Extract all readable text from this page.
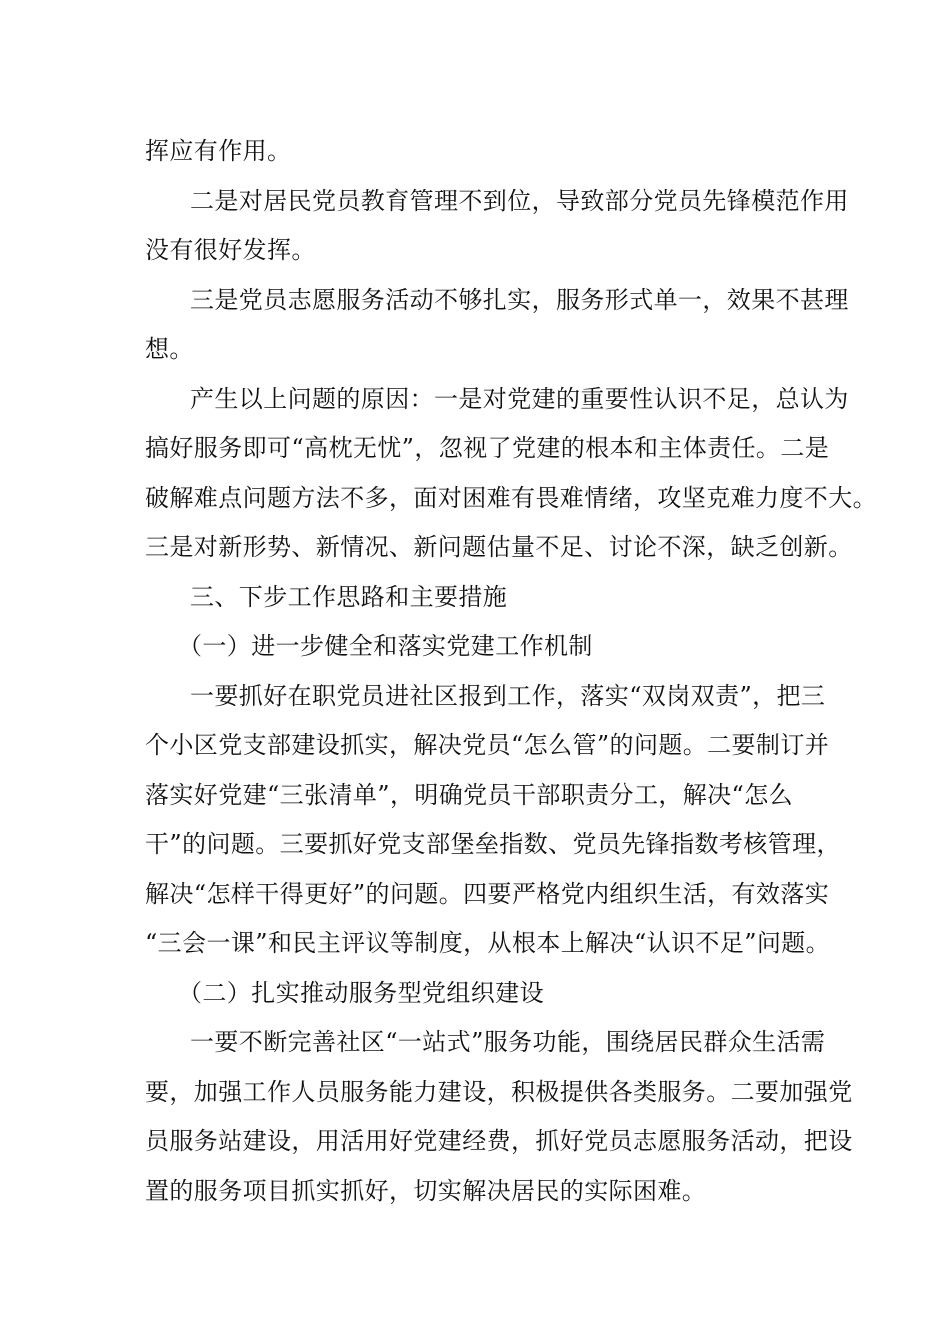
挥应有作用。
二是对居民党员教育管理不到位，导致部分党员先锋模范作用
没有很好发挥。
三是党员志愿服务活动不够扎实，服务形式单一，效果不甚理
想。
产生以上问题的原因：一是对党建的重要性认识不足，总认为
搞好服务即可“高枕无忧”，忽视了党建的根本和主体责任。二是
破解难点问题方法不多，面对困难有畏难情绪，攻坚克难力度不大。
三是对新形势、新情况、新问题估量不足、讨论不深，缺乏创新。
三、下步工作思路和主要措施
（一）进一步健全和落实党建工作机制
一要抓好在职党员进社区报到工作，落实“双岗双责”，把三
个小区党支部建设抓实，解决党员“怎么管”的问题。二要制订并
落实好党建“三张清单”，明确党员干部职责分工，解决“怎么
干”的问题。三要抓好党支部堡垒指数、党员先锋指数考核管理，
解决“怎样干得更好”的问题。四要严格党内组织生活，有效落实
“三会一课”和民主评议等制度，从根本上解决“认识不足”问题。
（二）扎实推动服务型党组织建设
一要不断完善社区“一站式”服务功能，围绕居民群众生活需
要，加强工作人员服务能力建设，积极提供各类服务。二要加强党
员服务站建设，用活用好党建经费，抓好党员志愿服务活动，把设
置的服务项目抓实抓好，切实解决居民的实际困难。
